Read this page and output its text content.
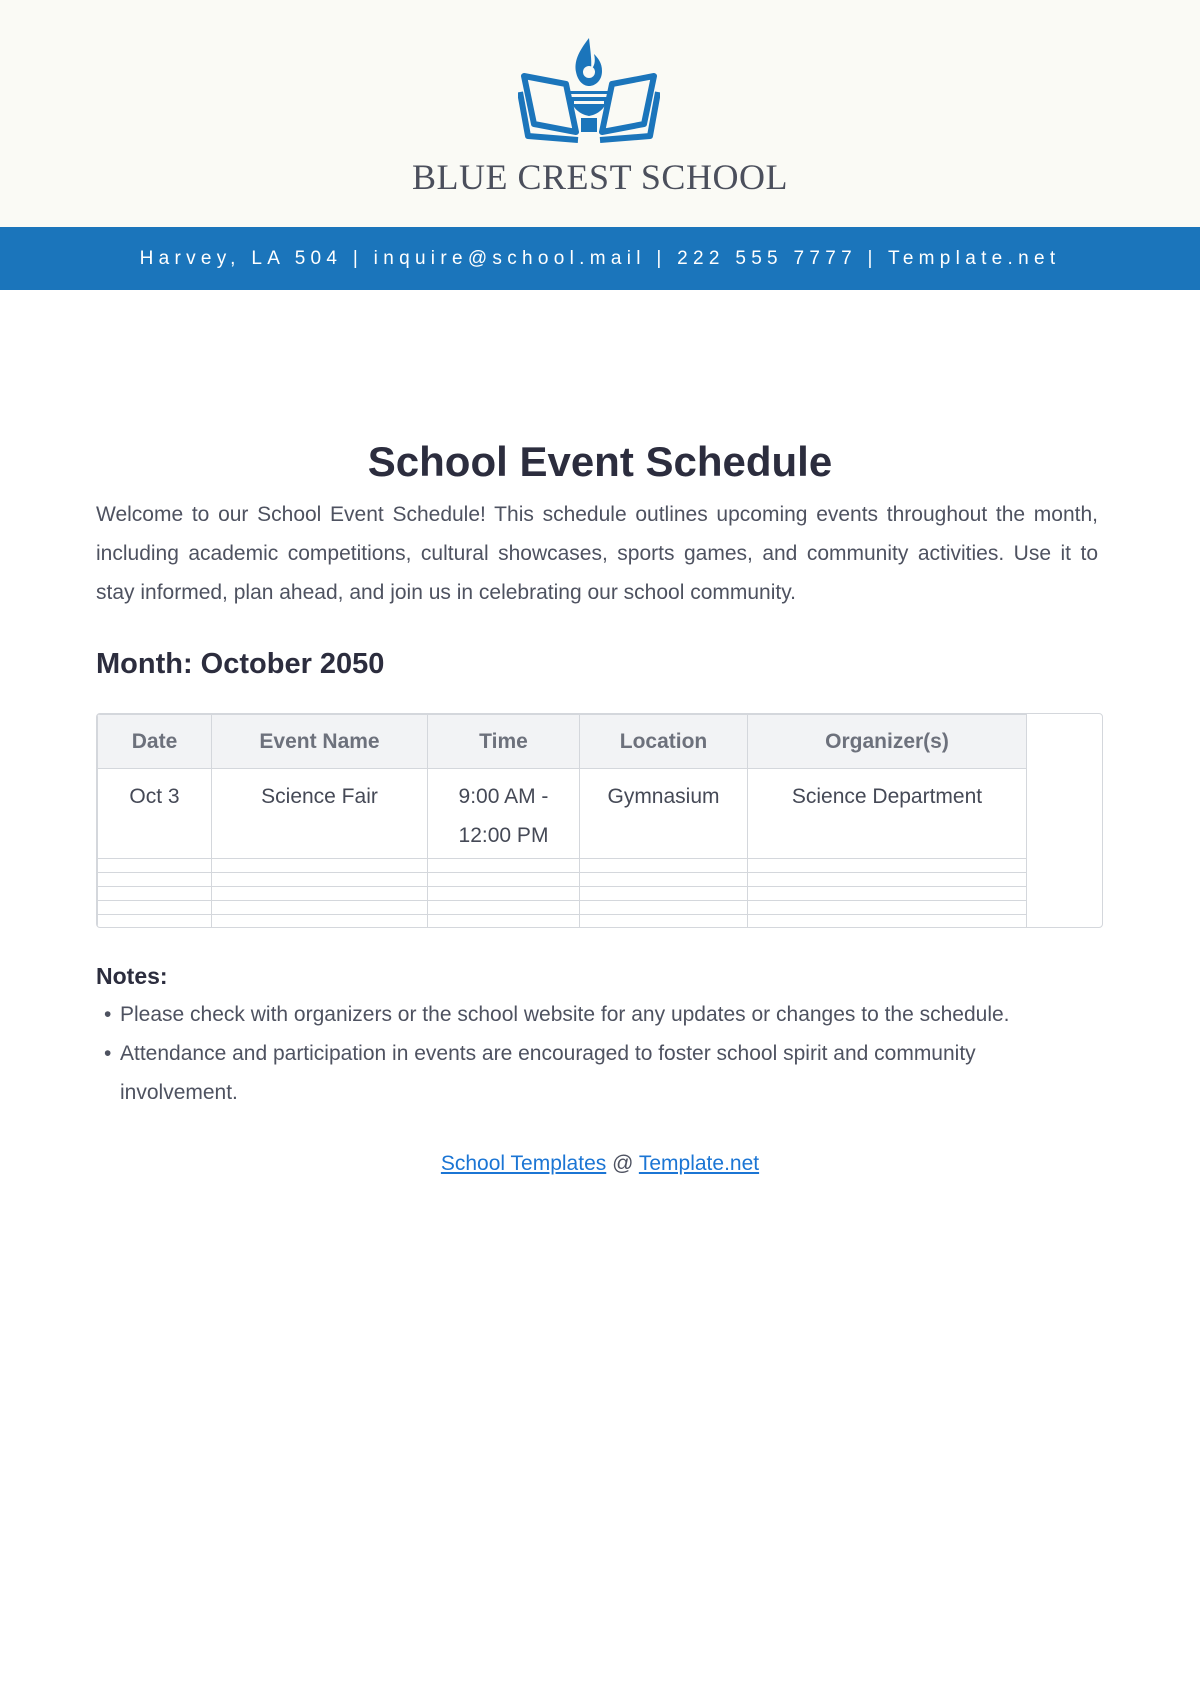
BLUE CREST SCHOOL
Harvey, LA 504 | inquire@school.mail | 222 555 7777 | Template.net
School Event Schedule

Welcome to our School Event Schedule! This schedule outlines upcoming events throughout the month, including academic competitions, cultural showcases, sports games, and community activities. Use it to stay informed, plan ahead, and join us in celebrating our school community.

Month: October 2050
Date	Event Name	Time	Location	Organizer(s)
Oct 3	Science Fair	9:00 AM - 12:00 PM	Gymnasium	Science Department

Notes:
• Please check with organizers or the school website for any updates or changes to the schedule.
• Attendance and participation in events are encouraged to foster school spirit and community involvement.
School Templates @ Template.net
